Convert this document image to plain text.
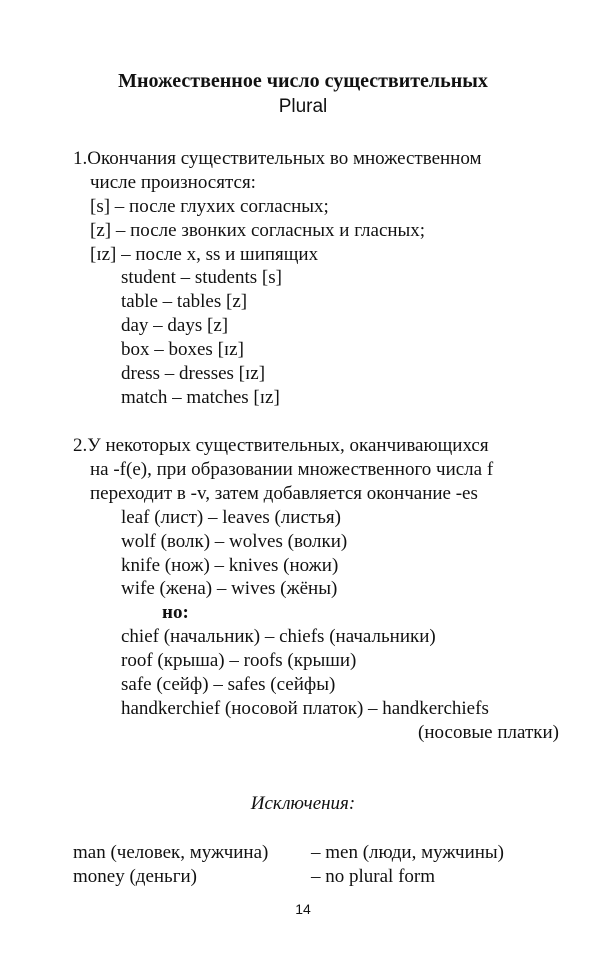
Множественное число существительных
Plural
1.Окончания существительных во множественном
числе произносятся:
[s] – после глухих согласных;
[z] – после звонких согласных и гласных;
[ɪz] – после x, ss и шипящих
student – students [s]
table – tables [z]
day – days [z]
box – boxes [ɪz]
dress – dresses [ɪz]
match – matches [ɪz]
2.У некоторых существительных, оканчивающихся
на -f(e), при образовании множественного числа f
переходит в -v, затем добавляется окончание -es
leaf (лист) – leaves (листья)
wolf (волк) – wolves (волки)
knife (нож) – knives (ножи)
wife (жена) – wives (жёны)
но:
chief (начальник) – chiefs (начальники)
roof (крыша) – roofs (крыши)
safe (сейф) – safes (сейфы)
handkerchief (носовой платок) – handkerchiefs
(носовые платки)
Исключения:
man (человек, мужчина) – men (люди, мужчины)
money (деньги)	– no plural form
14
